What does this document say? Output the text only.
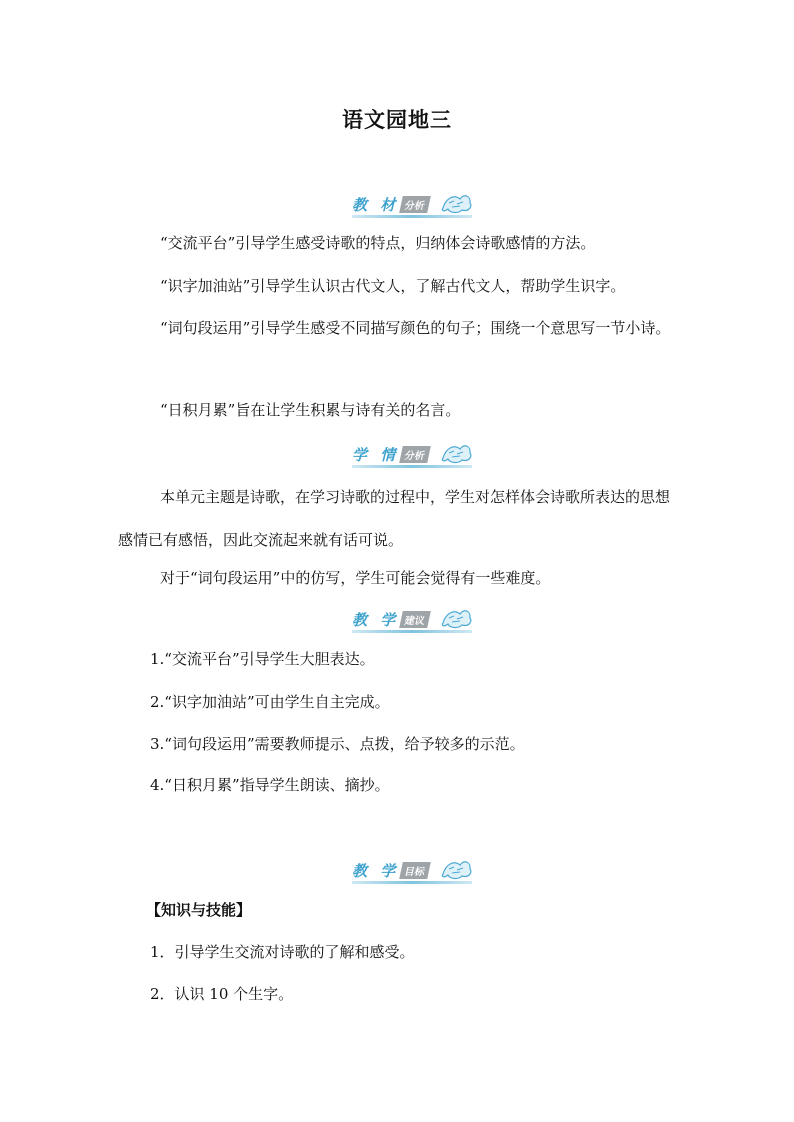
语文园地三
教 材 分析
“交流平台”引导学生感受诗歌的特点，归纳体会诗歌感情的方法。
“识字加油站”引导学生认识古代文人，了解古代文人，帮助学生识字。
“词句段运用”引导学生感受不同描写颜色的句子；围绕一个意思写一节小诗。
“日积月累”旨在让学生积累与诗有关的名言。
学 情 分析
本单元主题是诗歌，在学习诗歌的过程中，学生对怎样体会诗歌所表达的思想感情已有感悟，因此交流起来就有话可说。
对于“词句段运用”中的仿写，学生可能会觉得有一些难度。
教 学 建议
1.“交流平台”引导学生大胆表达。
2.“识字加油站”可由学生自主完成。
3.“词句段运用”需要教师提示、点拨，给予较多的示范。
4.“日积月累”指导学生朗读、摘抄。
教 学 目标
【知识与技能】
1．引导学生交流对诗歌的了解和感受。
2．认识 10 个生字。
